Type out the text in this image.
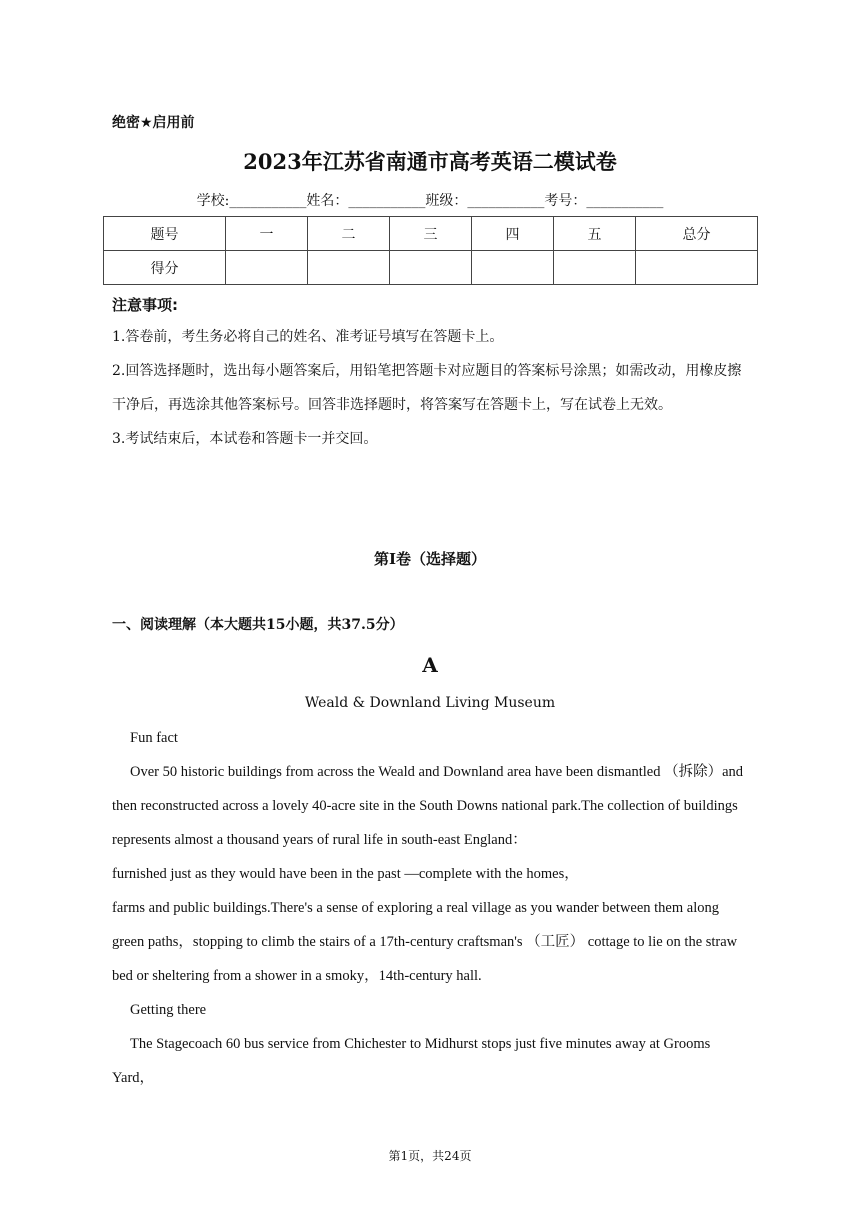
绝密★启用前
2023年江苏省南通市高考英语二模试卷
学校:___________姓名：___________班级：___________考号：___________
题号	一	二	三	四	五	总分
得分						
注意事项:
1.答卷前，考生务必将自己的姓名、准考证号填写在答题卡上。
2.回答选择题时，选出每小题答案后，用铅笔把答题卡对应题目的答案标号涂黑；如需改动，用橡皮擦干净后，再选涂其他答案标号。回答非选择题时，将答案写在答题卡上，写在试卷上无效。
3.考试结束后，本试卷和答题卡一并交回。
第I卷（选择题）
一、阅读理解（本大题共15小题，共37.5分）
A
Weald & Downland Living Museum
Fun fact
Over 50 historic buildings from across the Weald and Downland area have been dismantled （拆除）and then reconstructed across a lovely 40-acre site in the South Downs national park.The collection of buildings represents almost a thousand years of rural life in south-east England：
furnished just as they would have been in the past —complete with the homes，
farms and public buildings.There's a sense of exploring a real village as you wander between them along green paths，stopping to climb the stairs of a 17th-century craftsman's （工匠） cottage to lie on the straw bed or sheltering from a shower in a smoky，14th-century hall.
Getting there
The Stagecoach 60 bus service from Chichester to Midhurst stops just five minutes away at Grooms Yard，
第1页，共24页
